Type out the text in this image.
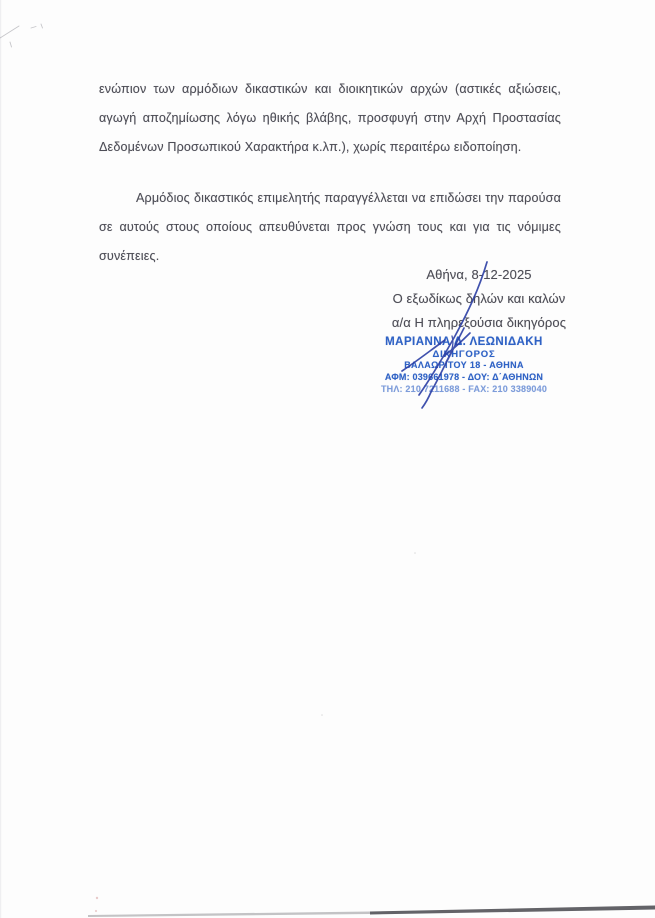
ενώπιον των αρμόδιων δικαστικών και διοικητικών αρχών (αστικές αξιώσεις,
αγωγή αποζημίωσης λόγω ηθικής βλάβης, προσφυγή στην Αρχή Προστασίας
Δεδομένων Προσωπικού Χαρακτήρα κ.λπ.), χωρίς περαιτέρω ειδοποίηση.
Αρμόδιος δικαστικός επιμελητής παραγγέλλεται να επιδώσει την παρούσα
σε αυτούς στους οποίους απευθύνεται προς γνώση τους και για τις νόμιμες
συνέπειες.
Αθήνα, 8-12-2025
Ο εξωδίκως δηλών και καλών
α/α Η πληρεξούσια δικηγόρος
ΜΑΡΙΑΝΝΑ Δ. ΛΕΩΝΙΔΑΚΗ
ΔΙΚΗΓΟΡΟΣ
ΒΑΛΑΩΡΙΤΟΥ 18 - ΑΘΗΝΑ
ΑΦΜ: 039661978 - ΔΟΥ: Δ΄ΑΘΗΝΩΝ
ΤΗΛ: 210 7211688 - FAX: 210 3389040
